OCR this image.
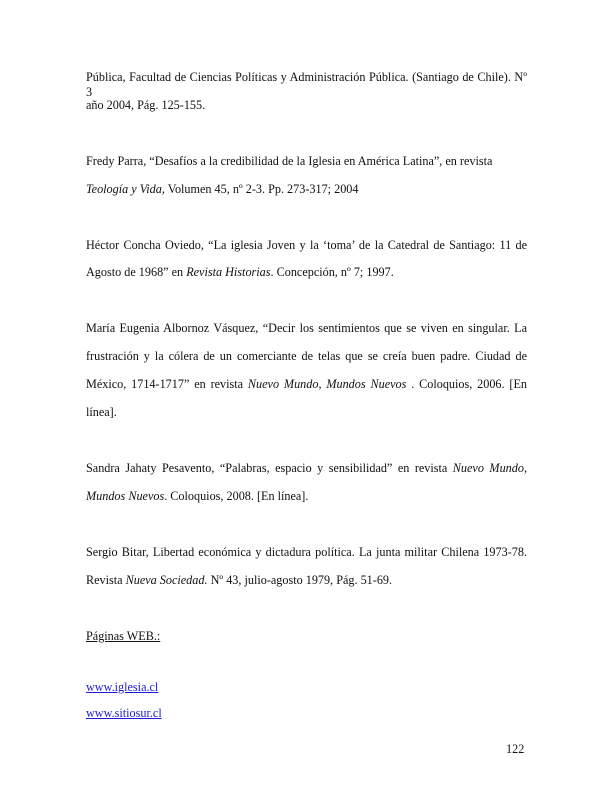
Pública, Facultad de Ciencias Políticas y Administración Pública. (Santiago de Chile). Nº 3
año 2004, Pág. 125-155.
Fredy Parra, “Desafíos a la credibilidad de la Iglesia en América Latina”, en revista
Teología y Vida, Volumen 45, nº 2-3. Pp. 273-317; 2004
Héctor Concha Oviedo, “La iglesia Joven y la ‘toma’ de la Catedral de Santiago: 11 de
Agosto de 1968” en Revista Historias. Concepción, nº 7; 1997.
María Eugenia Albornoz Vásquez, “Decir los sentimientos que se viven en singular. La
frustración y la cólera de un comerciante de telas que se creía buen padre. Ciudad de
México, 1714-1717” en revista Nuevo Mundo, Mundos Nuevos . Coloquios, 2006. [En
línea].
Sandra Jahaty Pesavento, “Palabras, espacio y sensibilidad” en revista Nuevo Mundo,
Mundos Nuevos. Coloquios, 2008. [En línea].
Sergio Bitar, Libertad económica y dictadura política. La junta militar Chilena 1973-78.
Revista Nueva Sociedad. Nº 43, julio-agosto 1979, Pág. 51-69.
Páginas WEB.:
www.iglesia.cl
www.sitiosur.cl
122
